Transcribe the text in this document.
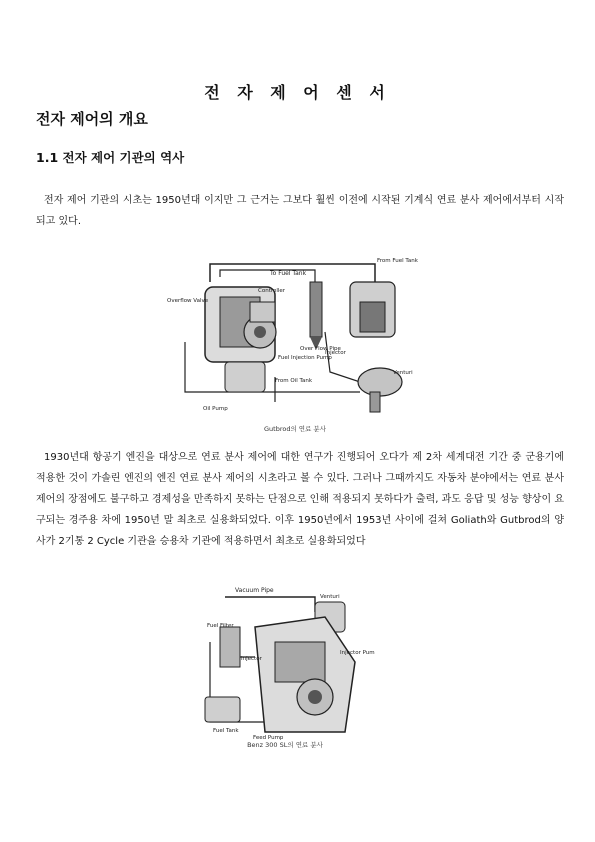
전 자 제 어 센 서
전자 제어의 개요
1.1 전자 제어 기관의 역사

전자 제어 기관의 시초는 1950년대 이지만 그 근거는 그보다 훨씬 이전에 시작된 기계식 연료 분사 제어에서부터 시작되고 있다.

To Fuel Tank
From Fuel Tank
Controller
Overflow Valve
Fuel Injection Pump
Over Flow Pipe
Injector
Venturi
From Oil Tank
Oil Pump
Gutbrod의 연료 분사

1930년대 항공기 엔진을 대상으로 연료 분사 제어에 대한 연구가 진행되어 오다가 제 2차 세계대전 기간 중 군용기에 적용한 것이 가솔린 엔진의 엔진 연료 분사 제어의 시초라고 볼 수 있다. 그러나 그때까지도 자동차 분야에서는 연료 분사 제어의 장점에도 불구하고 경제성을 만족하지 못하는 단점으로 인해 적용되지 못하다가 출력, 과도 응답 및 성능 향상이 요구되는 경주용 차에 1950년 말 최초로 실용화되었다. 이후 1950년에서 1953년 사이에 걸쳐 Goliath와 Gutbrod의 양사가 2기통 2 Cycle 기관을 승용차 기관에 적용하면서 최초로 실용화되었다

Vacuum Pipe
Venturi
Fuel Filter
Injector
Injector Pump
Fuel Tank
Feed Pump
Benz 300 SL의 연료 분사
